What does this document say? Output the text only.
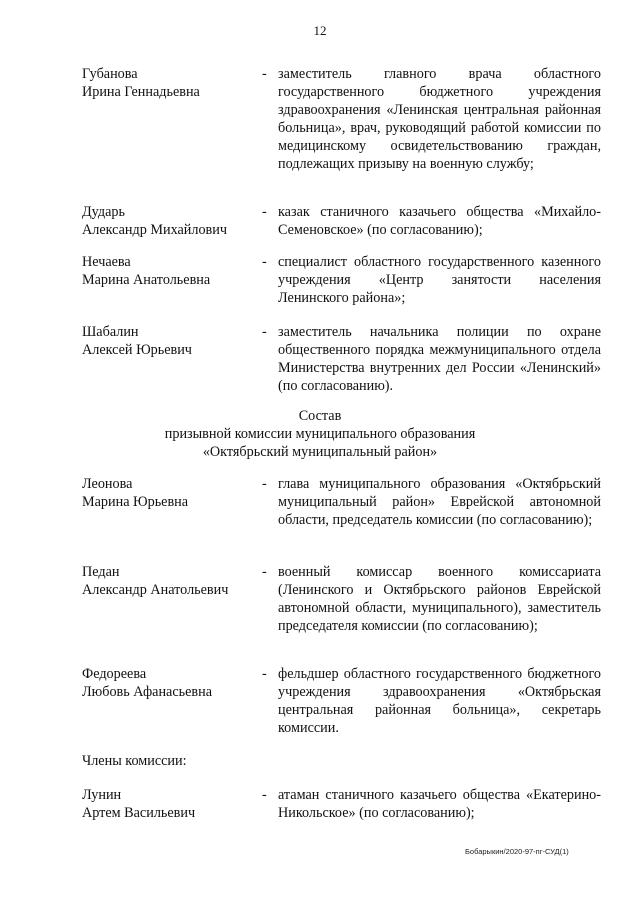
12
Губанова
Ирина Геннадьевна
- заместитель главного врача областного государственного бюджетного учреждения здравоохранения «Ленинская центральная районная больница», врач, руководящий работой комиссии по медицинскому освидетельствованию граждан, подлежащих призыву на военную службу;
Дударь
Александр Михайлович
- казак станичного казачьего общества «Михайло-Семеновское» (по согласованию);
Нечаева
Марина Анатольевна
- специалист областного государственного казенного учреждения «Центр занятости населения Ленинского района»;
Шабалин
Алексей Юрьевич
- заместитель начальника полиции по охране общественного порядка межмуниципального отдела Министерства внутренних дел России «Ленинский» (по согласованию).
Состав
призывной комиссии муниципального образования
«Октябрьский муниципальный район»
Леонова
Марина Юрьевна
- глава муниципального образования «Октябрьский муниципальный район» Еврейской автономной области, председатель комиссии (по согласованию);
Педан
Александр Анатольевич
- военный комиссар военного комиссариата (Ленинского и Октябрьского районов Еврейской автономной области, муниципального), заместитель председателя комиссии (по согласованию);
Федореева
Любовь Афанасьевна
- фельдшер областного государственного бюджетного учреждения здравоохранения «Октябрьская центральная районная больница», секретарь комиссии.
Члены комиссии:
Лунин
Артем Васильевич
- атаман станичного казачьего общества «Екатерино-Никольское» (по согласованию);
Бобарыкин/2020-97-пг-СУД(1)
